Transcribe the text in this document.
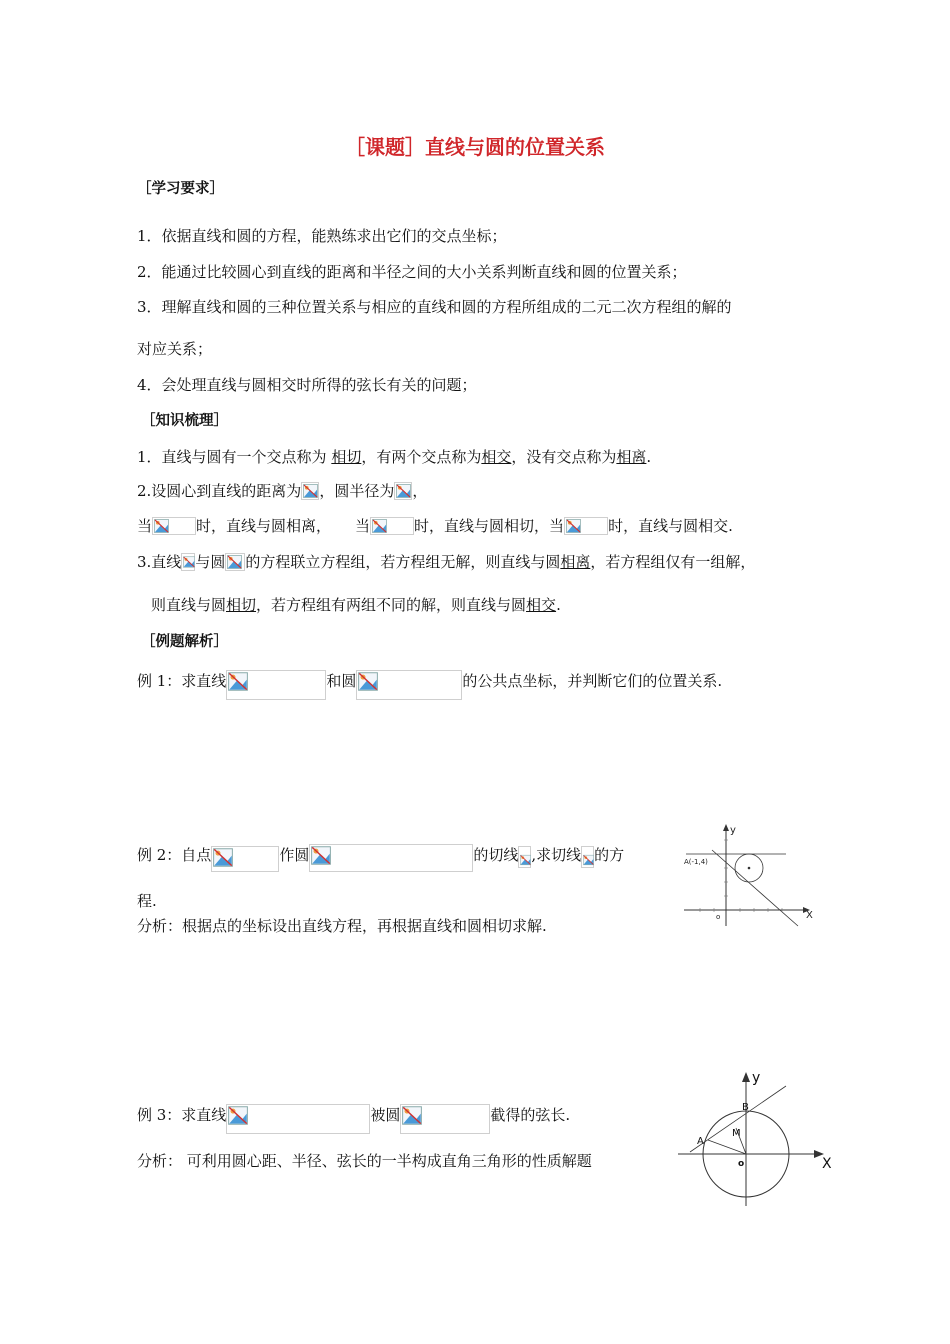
［课题］直线与圆的位置关系
［学习要求］
1．依据直线和圆的方程，能熟练求出它们的交点坐标；
2．能通过比较圆心到直线的距离和半径之间的大小关系判断直线和圆的位置关系；
3．理解直线和圆的三种位置关系与相应的直线和圆的方程所组成的二元二次方程组的解的
对应关系；
4．会处理直线与圆相交时所得的弦长有关的问题；
［知识梳理］
1．直线与圆有一个交点称为 相切，有两个交点称为相交，没有交点称为相离.
2.设圆心到直线的距离为 ，圆半径为 ，
当	时，直线与圆相离， 当	时，直线与圆相切，当	时，直线与圆相交.
3.直线 与圆 的方程联立方程组，若方程组无解，则直线与圆相离，若方程组仅有一组解，
则直线与圆相切，若方程组有两组不同的解，则直线与圆相交.
［例题解析］
例 1：求直线	和圆	的公共点坐标，并判断它们的位置关系.
例 2：自点	作圆	的切线 ,求切线 的方
程.
分析：根据点的坐标设出直线方程，再根据直线和圆相切求解.
y
X
o
A(-1,4)
例 3：求直线	被圆	截得的弦长.
分析： 可利用圆心距、半径、弦长的一半构成直角三角形的性质解题
y
X
o
A
B
M
